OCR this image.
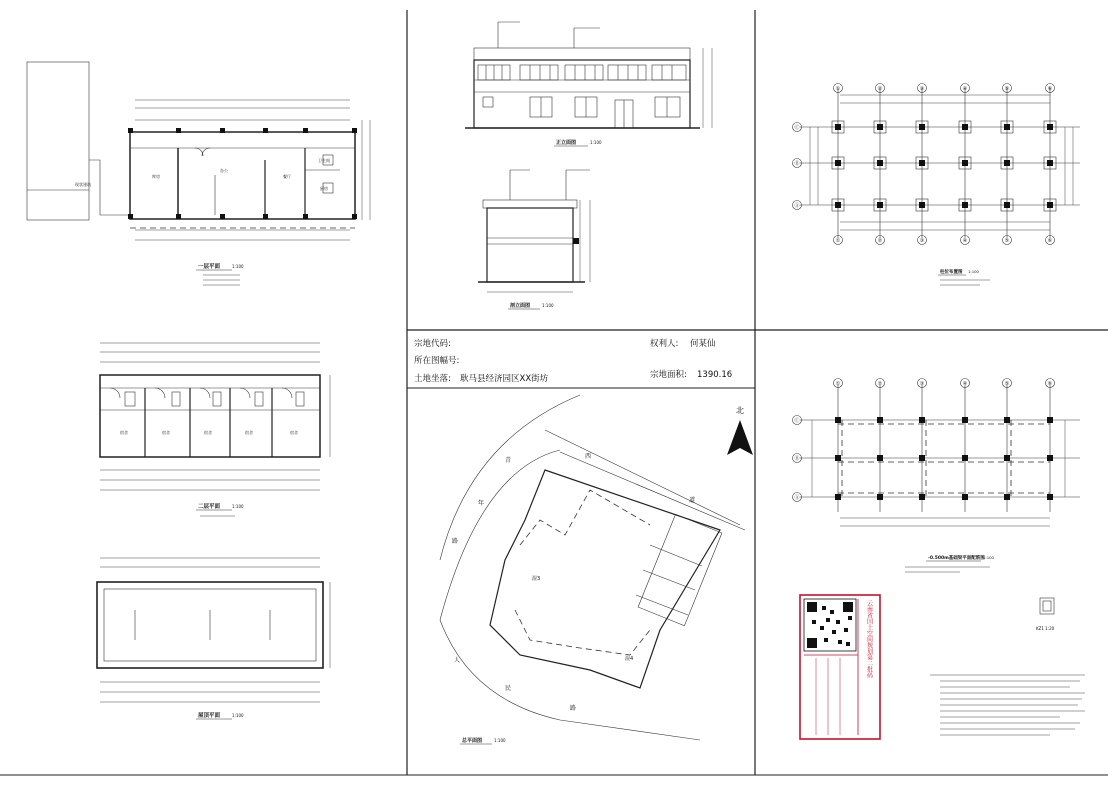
现状建筑
库房
办公
餐厅
卫生间
厨房
一层平面	1:100
宿舍	宿舍	宿舍	宿舍	宿舍
二层平面	1:100
屋顶平面	1:100
正立面图	1:100
剖立面图	1:100
宗地代码:
所在图幅号:
土地坐落: 耿马县经济园区XX街坊
权利人: 何某仙
宗地面积: 1390.16
北
青
年
路
西
道
人
民
路
混3
混4
总平面图	1:100
①	②	③	④	⑤	⑥
①	②	③	④	⑤	⑥
Ⓒ
Ⓑ
Ⓐ
柱位布置图 1:100
①	②	③	④	⑤	⑥
Ⓒ
Ⓑ
Ⓐ
-0.500m基础梁平面配筋图
1:100
KZ1 1:20
云南省国土空间规划第二批码
